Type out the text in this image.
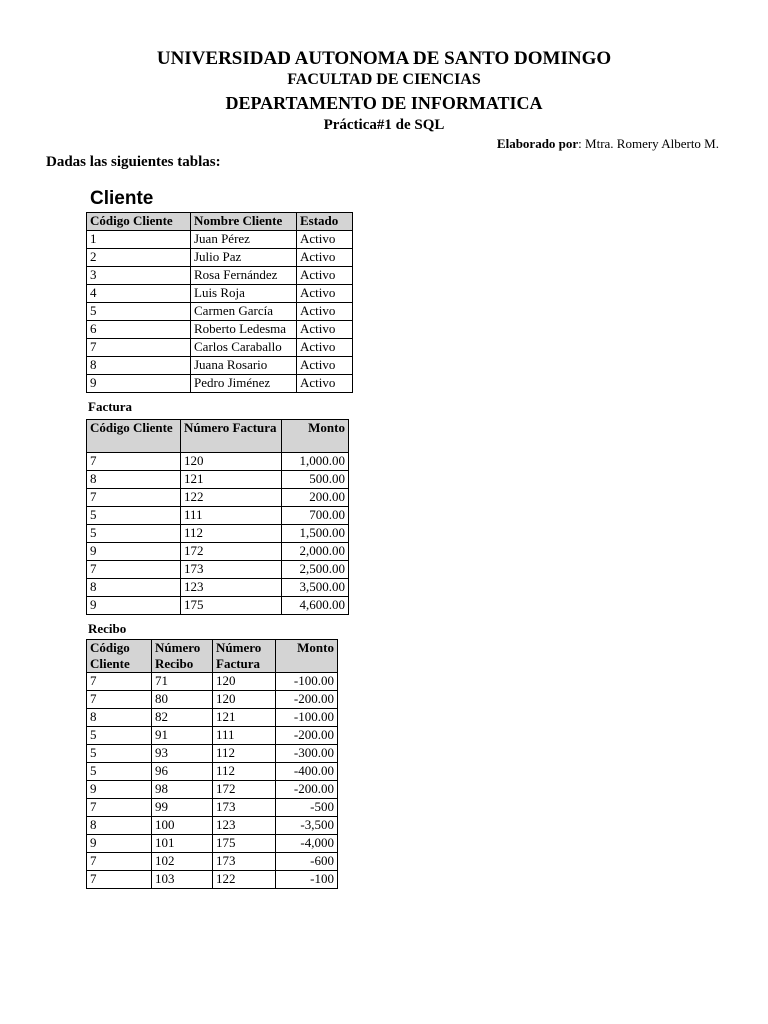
UNIVERSIDAD AUTONOMA DE SANTO DOMINGO
FACULTAD DE CIENCIAS
DEPARTAMENTO DE INFORMATICA
Práctica#1 de SQL
Elaborado por: Mtra. Romery Alberto M.
Dadas las siguientes tablas:
Cliente
Código Cliente	Nombre Cliente	Estado
1	Juan Pérez	Activo
2	Julio Paz	Activo
3	Rosa Fernández	Activo
4	Luis Roja	Activo
5	Carmen García	Activo
6	Roberto Ledesma	Activo
7	Carlos Caraballo	Activo
8	Juana Rosario	Activo
9	Pedro Jiménez	Activo
Factura
Código Cliente	Número Factura	Monto
7	120	1,000.00
8	121	500.00
7	122	200.00
5	111	700.00
5	112	1,500.00
9	172	2,000.00
7	173	2,500.00
8	123	3,500.00
9	175	4,600.00
Recibo
Código Cliente	Número Recibo	Número Factura	Monto
7	71	120	-100.00
7	80	120	-200.00
8	82	121	-100.00
5	91	111	-200.00
5	93	112	-300.00
5	96	112	-400.00
9	98	172	-200.00
7	99	173	-500
8	100	123	-3,500
9	101	175	-4,000
7	102	173	-600
7	103	122	-100
